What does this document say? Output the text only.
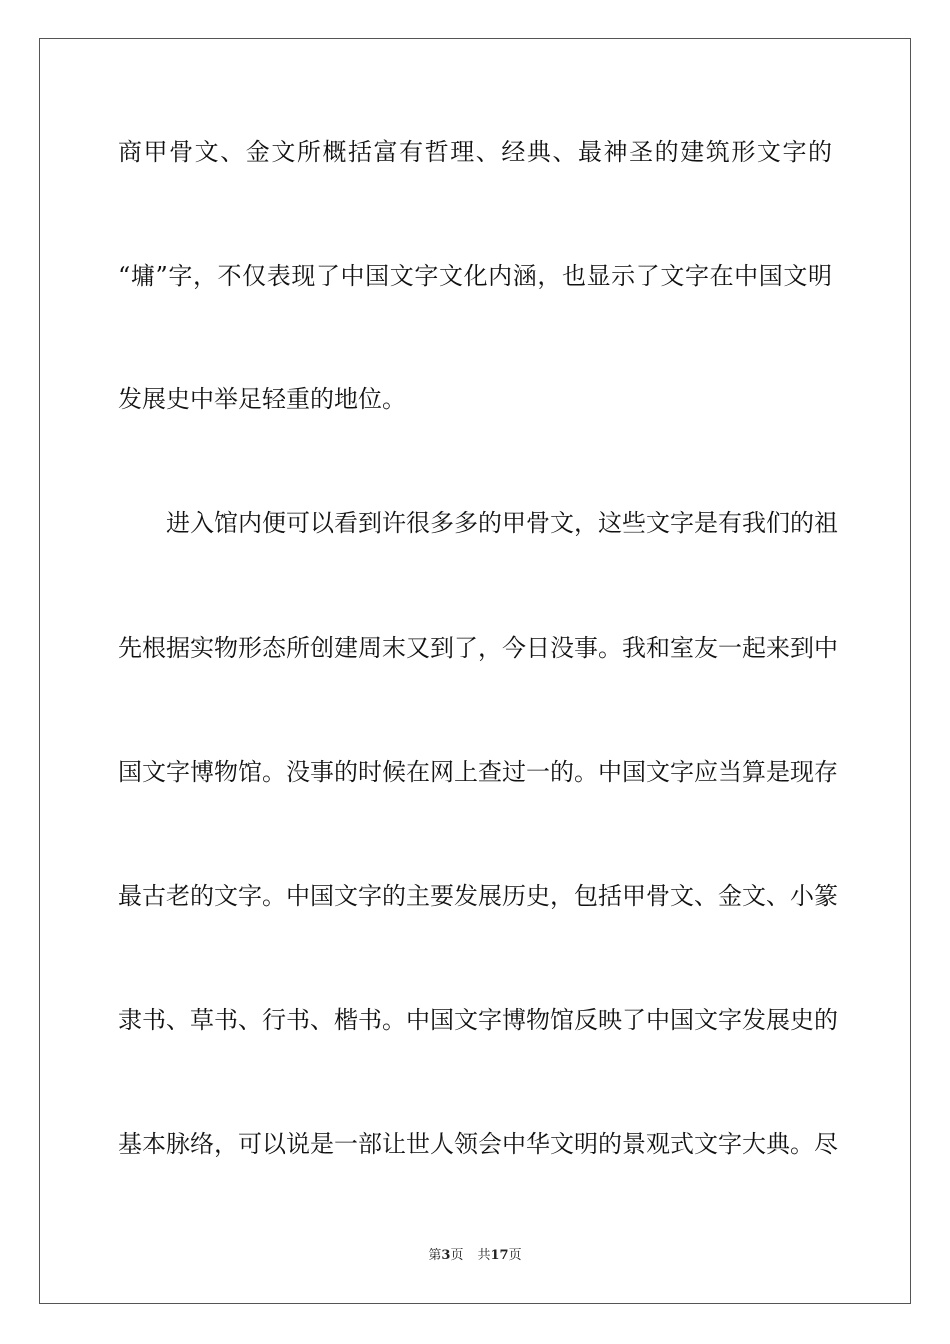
商甲骨文、金文所概括富有哲理、经典、最神圣的建筑形文字的
“墉”字，不仅表现了中国文字文化内涵，也显示了文字在中国文明
发展史中举足轻重的地位。
进入馆内便可以看到许很多多的甲骨文，这些文字是有我们的祖
先根据实物形态所创建周末又到了，今日没事。我和室友一起来到中
国文字博物馆。没事的时候在网上查过一的。中国文字应当算是现存
最古老的文字。中国文字的主要发展历史，包括甲骨文、金文、小篆
隶书、草书、行书、楷书。中国文字博物馆反映了中国文字发展史的
基本脉络，可以说是一部让世人领会中华文明的景观式文字大典。尽
第3页 共17页
